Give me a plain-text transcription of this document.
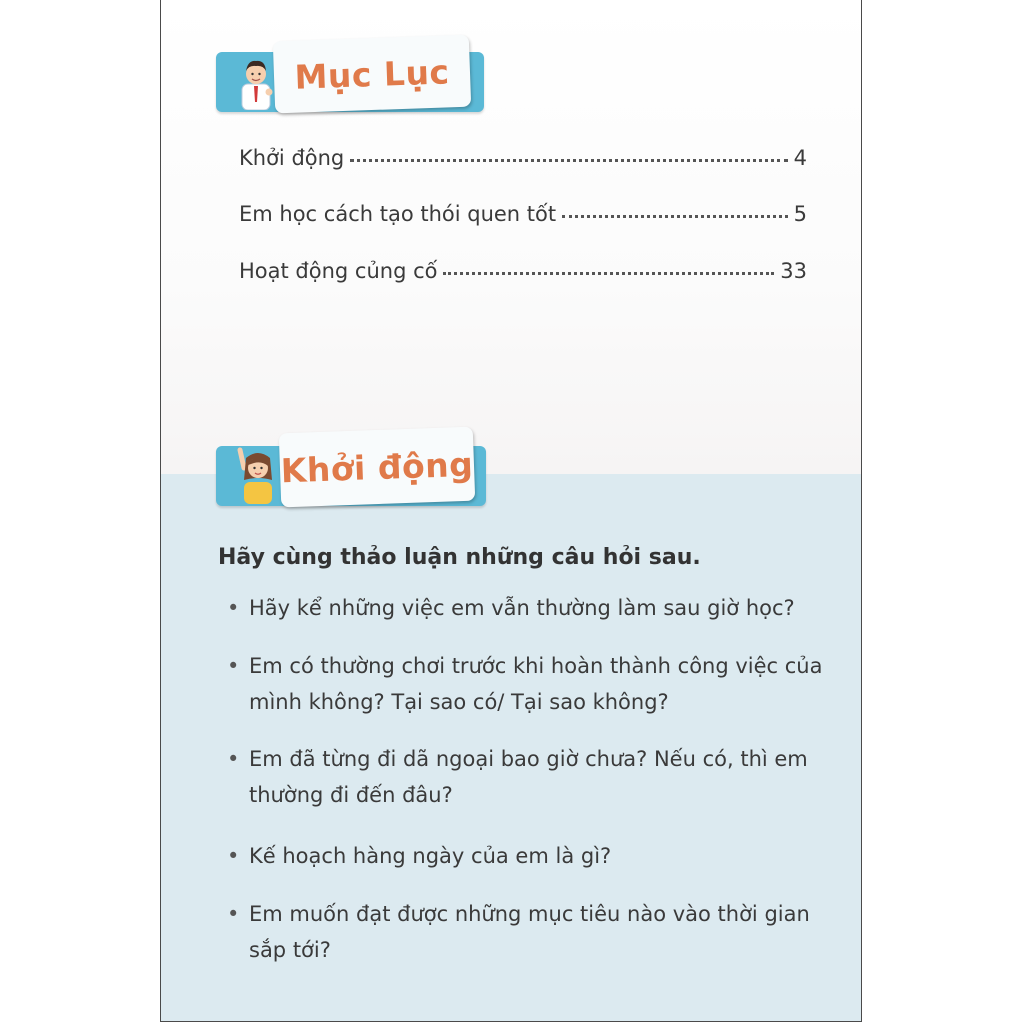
Mục Lục
Khởi động	4
Em học cách tạo thói quen tốt	5
Hoạt động củng cố	33
Khởi động
Hãy cùng thảo luận những câu hỏi sau.
• Hãy kể những việc em vẫn thường làm sau giờ học?
• Em có thường chơi trước khi hoàn thành công việc của
mình không? Tại sao có/ Tại sao không?
• Em đã từng đi dã ngoại bao giờ chưa? Nếu có, thì em
thường đi đến đâu?
• Kế hoạch hàng ngày của em là gì?
• Em muốn đạt được những mục tiêu nào vào thời gian
sắp tới?
